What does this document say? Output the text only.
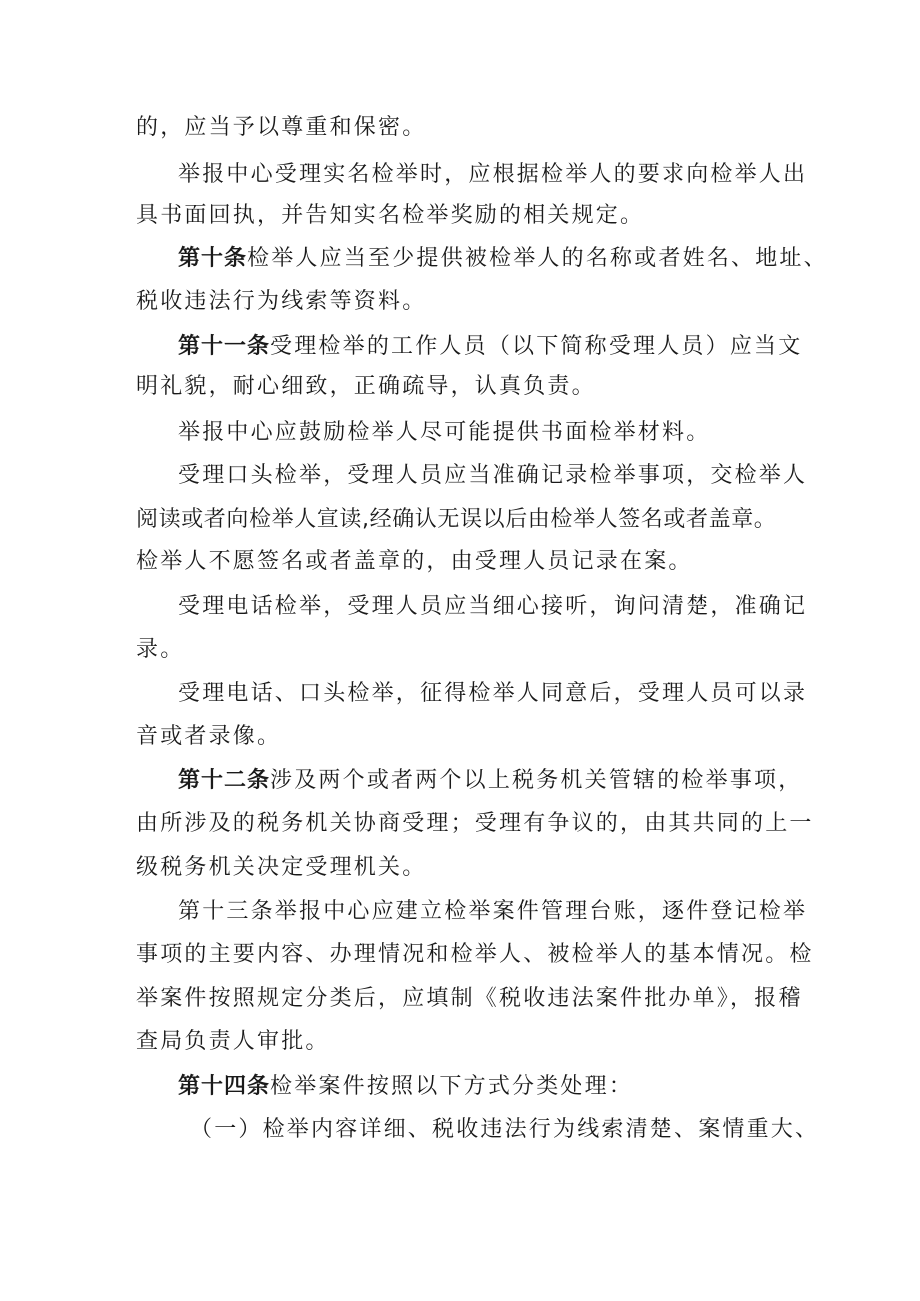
的，应当予以尊重和保密。
举报中心受理实名检举时，应根据检举人的要求向检举人出
具书面回执，并告知实名检举奖励的相关规定。
第十条检举人应当至少提供被检举人的名称或者姓名、地址、
税收违法行为线索等资料。
第十一条受理检举的工作人员（以下简称受理人员）应当文
明礼貌，耐心细致，正确疏导，认真负责。
举报中心应鼓励检举人尽可能提供书面检举材料。
受理口头检举，受理人员应当准确记录检举事项，交检举人
阅读或者向检举人宣读,经确认无误以后由检举人签名或者盖章。
检举人不愿签名或者盖章的，由受理人员记录在案。
受理电话检举，受理人员应当细心接听，询问清楚，准确记
录。
受理电话、口头检举，征得检举人同意后，受理人员可以录
音或者录像。
第十二条涉及两个或者两个以上税务机关管辖的检举事项，
由所涉及的税务机关协商受理；受理有争议的，由其共同的上一
级税务机关决定受理机关。
第十三条举报中心应建立检举案件管理台账，逐件登记检举
事项的主要内容、办理情况和检举人、被检举人的基本情况。检
举案件按照规定分类后，应填制《税收违法案件批办单》，报稽
查局负责人审批。
第十四条检举案件按照以下方式分类处理：
（一）检举内容详细、税收违法行为线索清楚、案情重大、
